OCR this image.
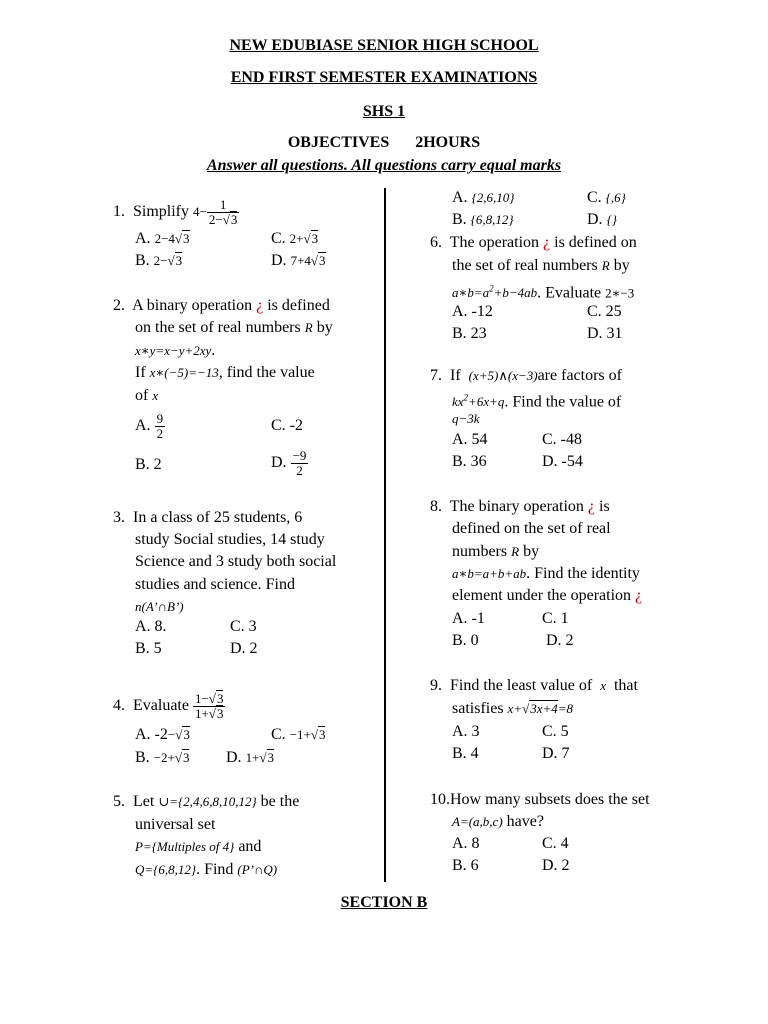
NEW EDUBIASE SENIOR HIGH SCHOOL
END FIRST SEMESTER EXAMINATIONS
SHS 1
OBJECTIVES 2HOURS
Answer all questions. All questions carry equal marks
1. Simplify $4- \frac{1}{2-√3}$
A. 2−4√3	C. 2+√3
B. 2−√3	D. 7+4√3
2. A binary operation ¿ is defined
on the set of real numbers R by
x∗y=x−y+2xy.
If x∗(−5)=−13, find the value
of x
A. $\frac{9}{2}$	C. -2
B. 2	D. $\frac{-9}{2}$
3. In a class of 25 students, 6
study Social studies, 14 study
Science and 3 study both social
studies and science. Find
n(A’∩B’)
A. 8.	C. 3
B. 5	D. 2
4. Evaluate $\frac{1-√3}{1+√3}$
A. -2−√3	C. −1+√3
B. −2+√3 D. 1+√3
5. Let ∪={2,4,6,8,10,12} be the
universal set
P={Multiples of 4} and
Q={6,8,12}. Find (P’∩Q)
A. {2,6,10}	C. {,6}
B. {6,8,12}	D. {}
6. The operation ¿ is defined on
the set of real numbers R by
$a∗b=a^2+b-4ab$. Evaluate 2∗−3
A. -12	C. 25
B. 23	D. 31
7. If (x+5)∧(x−3)are factors of
$kx^2+6x+q$. Find the value of
q−3k
A. 54	C. -48
B. 36	D. -54
8. The binary operation ¿ is
defined on the set of real
numbers R by
a∗b=a+b+ab. Find the identity
element under the operation ¿
A. -1	C. 1
B. 0	D. 2
9. Find the least value of x that
satisfies x+√3x+4=8
A. 3	C. 5
B. 4	D. 7
10.How many subsets does the set
A=(a,b,c) have?
A. 8	C. 4
B. 6	D. 2
SECTION B
